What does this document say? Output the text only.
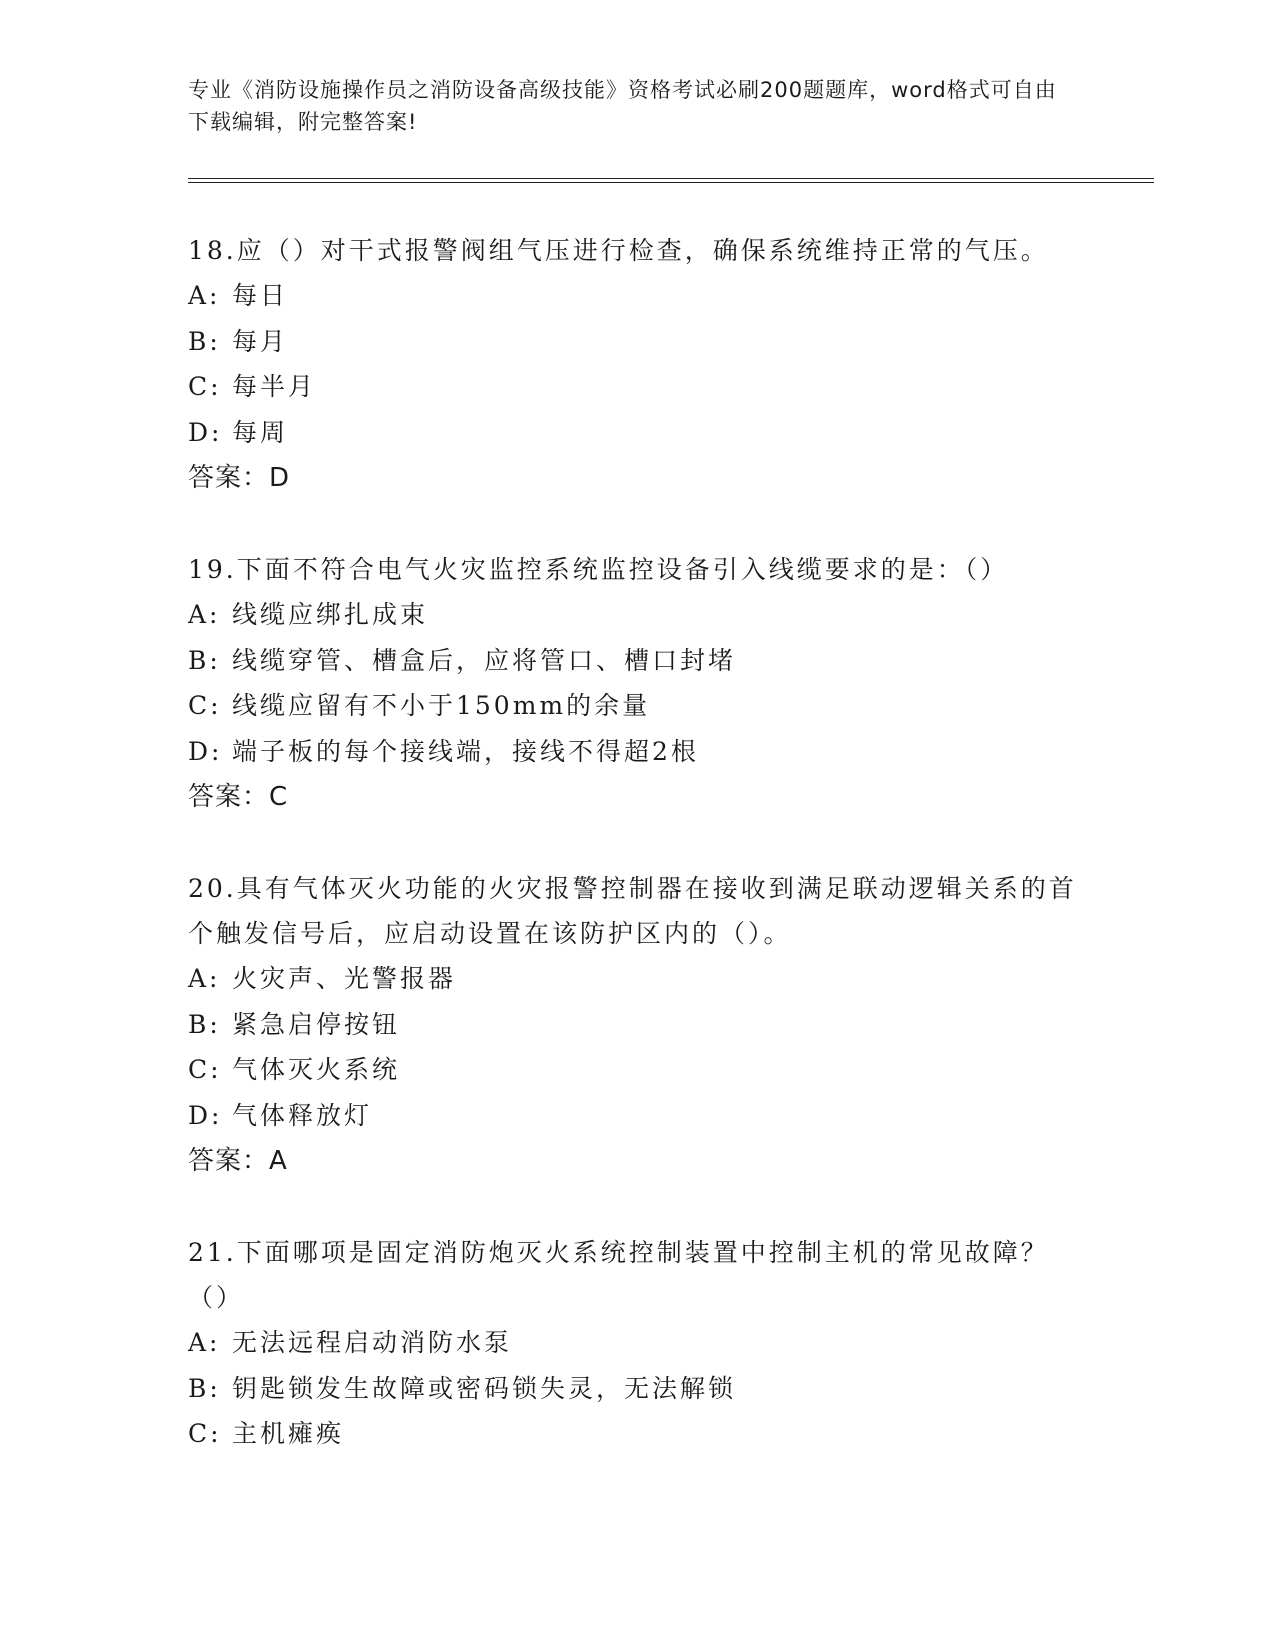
专业《消防设施操作员之消防设备高级技能》资格考试必刷200题题库，word格式可自由下载编辑，附完整答案!

18.应（）对干式报警阀组气压进行检查，确保系统维持正常的气压。

A: 每日
B: 每月
C: 每半月
D: 每周
答案：D

19.下面不符合电气火灾监控系统监控设备引入线缆要求的是：（）

A: 线缆应绑扎成束
B: 线缆穿管、槽盒后，应将管口、槽口封堵
C: 线缆应留有不小于150mm的余量
D: 端子板的每个接线端，接线不得超2根
答案：C

20.具有气体灭火功能的火灾报警控制器在接收到满足联动逻辑关系的首个触发信号后，应启动设置在该防护区内的（）。

A: 火灾声、光警报器
B: 紧急启停按钮
C: 气体灭火系统
D: 气体释放灯
答案：A

21.下面哪项是固定消防炮灭火系统控制装置中控制主机的常见故障？（）

A: 无法远程启动消防水泵
B: 钥匙锁发生故障或密码锁失灵，无法解锁
C: 主机瘫痪
